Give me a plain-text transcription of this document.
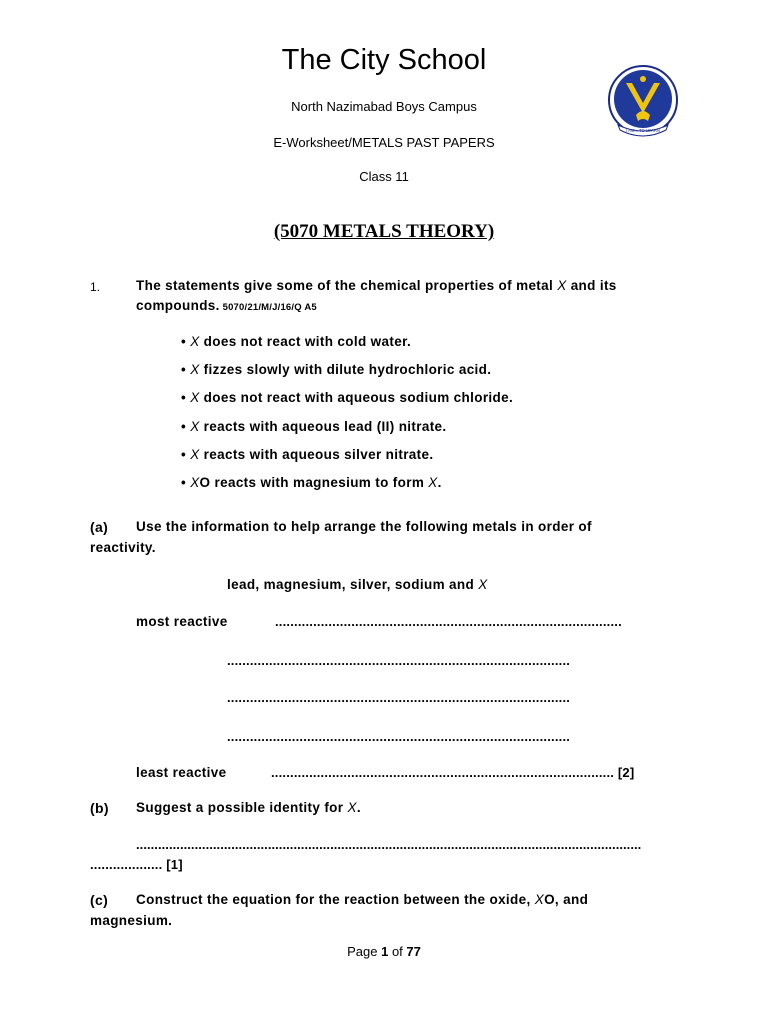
The City School
North Nazimabad Boys Campus
E-Worksheet/METALS PAST PAPERS
Class 11
I AM... TO LEARN
(5070 METALS THEORY)
1.	The statements give some of the chemical properties of metal X and its
compounds. 5070/21/M/J/16/Q A5
• X does not react with cold water.
• X fizzes slowly with dilute hydrochloric acid.
• X does not react with aqueous sodium chloride.
• X reacts with aqueous lead (II) nitrate.
• X reacts with aqueous silver nitrate.
• XO reacts with magnesium to form X.
(a) Use the information to help arrange the following metals in order of
reactivity.
lead, magnesium, silver, sodium and X
most reactive	...........................................................................................
..........................................................................................
..........................................................................................
..........................................................................................
least reactive	.......................................................................................... [2]
(b) Suggest a possible identity for X.
..........................................................................................................................................
................... [1]
(c) Construct the equation for the reaction between the oxide, XO, and
magnesium.
Page 1 of 77
